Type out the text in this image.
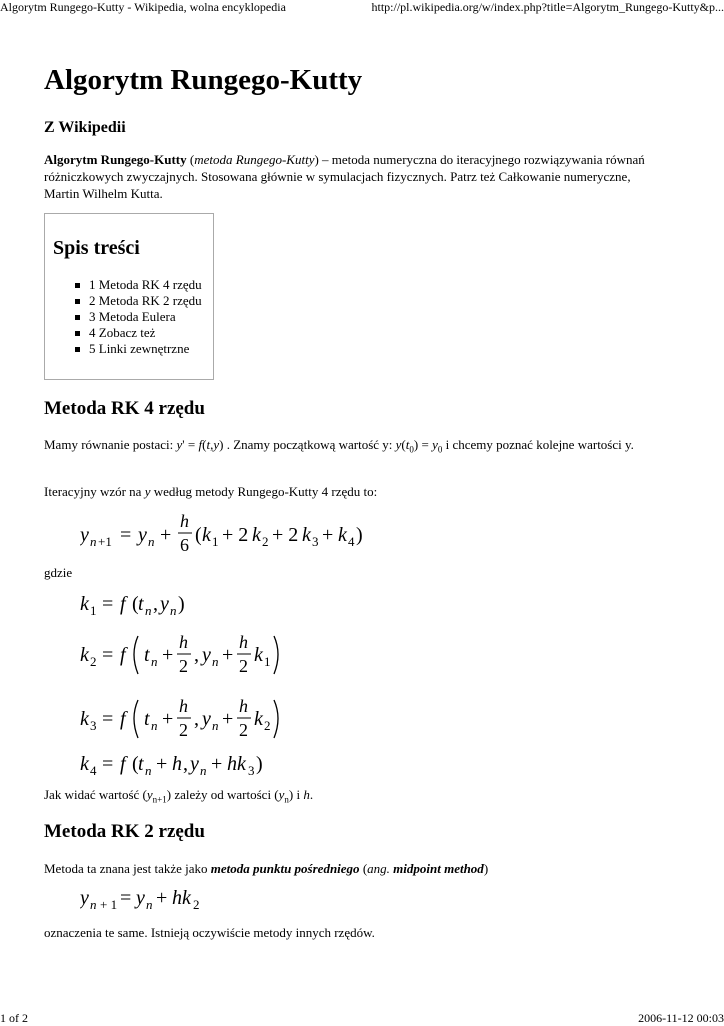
Algorytm Rungego-Kutty - Wikipedia, wolna encyklopedia	http://pl.wikipedia.org/w/index.php?title=Algorytm_Rungego-Kutty&p...
Algorytm Rungego-Kutty
Z Wikipedii
Algorytm Rungego-Kutty (metoda Rungego-Kutty) – metoda numeryczna do iteracyjnego rozwiązywania równań różniczkowych zwyczajnych. Stosowana głównie w symulacjach fizycznych. Patrz też Całkowanie numeryczne, Martin Wilhelm Kutta.
Spis treści
1 Metoda RK 4 rzędu
2 Metoda RK 2 rzędu
3 Metoda Eulera
4 Zobacz też
5 Linki zewnętrzne
Metoda RK 4 rzędu
Mamy równanie postaci: y' = f(t,y) . Znamy początkową wartość y: $y(t_0) = y_0$ i chcemy poznać kolejne wartości y.
Iteracyjny wzór na y według metody Rungego-Kutty 4 rzędu to:
y n +1 = y n +
h
6 ( k 1 + 2 k 2 + 2 k 3 + k 4 )
gdzie
k 1 = f ( t n , y n )
k 2 = f t n +
h
2 , y n +
h
2 k 1
k 3 = f t n +
h
2 , y n +
h
2 k 2
k 4 = f ( t n + h , y n + hk 3 )
Jak widać wartość $(y_{n+1})$ zależy od wartości $(y_n)$ i h.
Metoda RK 2 rzędu
Metoda ta znana jest także jako metoda punktu pośredniego (ang. midpoint method)
y n + 1 = y n + hk 2
oznaczenia te same. Istnieją oczywiście metody innych rzędów.
1 of 2	2006-11-12 00:03
